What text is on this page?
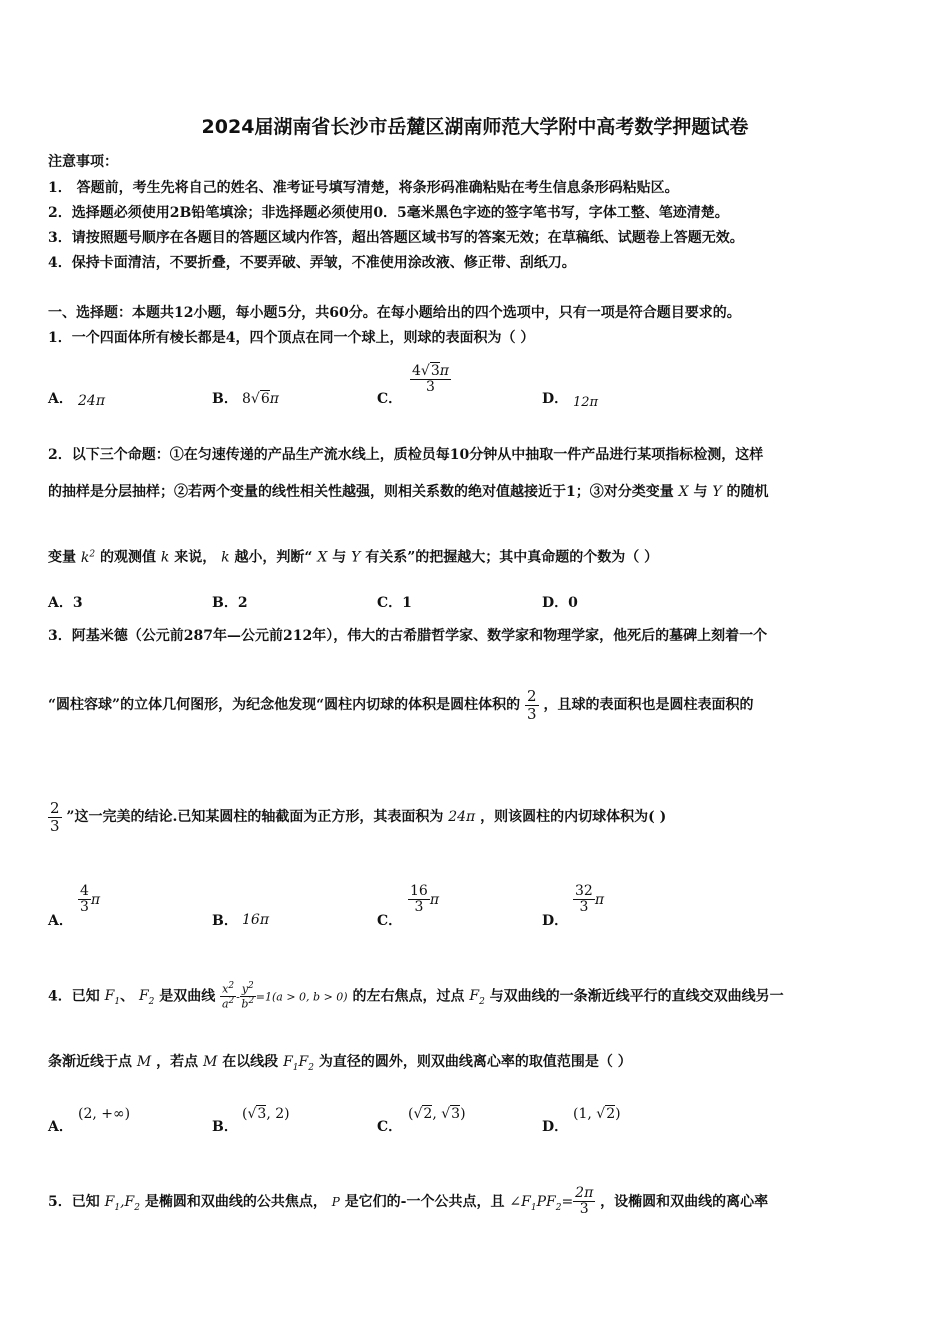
2024届湖南省长沙市岳麓区湖南师范大学附中高考数学押题试卷
注意事项：
1． 答题前，考生先将自己的姓名、准考证号填写清楚，将条形码准确粘贴在考生信息条形码粘贴区。
2．选择题必须使用2B铅笔填涂；非选择题必须使用0．5毫米黑色字迹的签字笔书写，字体工整、笔迹清楚。
3．请按照题号顺序在各题目的答题区域内作答，超出答题区域书写的答案无效；在草稿纸、试题卷上答题无效。
4．保持卡面清洁，不要折叠，不要弄破、弄皱，不准使用涂改液、修正带、刮纸刀。
一、选择题：本题共12小题，每小题5分，共60分。在每小题给出的四个选项中，只有一项是符合题目要求的。
1．一个四面体所有棱长都是4，四个顶点在同一个球上，则球的表面积为（ ）
A． 24π	B． 8√6π	C．
$\frac{4√3\pi}{3}$
D． 12π
2．以下三个命题：①在匀速传递的产品生产流水线上，质检员每10分钟从中抽取一件产品进行某项指标检测，这样
的抽样是分层抽样；②若两个变量的线性相关性越强，则相关系数的绝对值越接近于1；③对分类变量 X 与 Y 的随机
变量 $k^2$ 的观测值 k 来说， k 越小，判断“ X 与 Y 有关系”的把握越大；其中真命题的个数为（ ）
A．3	B．2	C．1	D．0
3．阿基米德（公元前287年—公元前212年），伟大的古希腊哲学家、数学家和物理学家，他死后的墓碑上刻着一个
“圆柱容球”的立体几何图形，为纪念他发现“圆柱内切球的体积是圆柱体积的 $\frac{2}{3}$ ，且球的表面积也是圆柱表面积的
$\frac{2}{3}$ ”这一完美的结论.已知某圆柱的轴截面为正方形，其表面积为 24π ，则该圆柱的内切球体积为( )
A．
$\frac{4}{3}$ π
B． 16π	C．
$\frac{16}{3}$ π
D．
$\frac{32}{3}$ π
4．已知 $F_1$、 $F_2$ 是双曲线 $\frac{x^2}{a^2} - \frac{y^2}{b^2} =1(a > 0$, b > 0) 的左右焦点，过点 $F_2$ 与双曲线的一条渐近线平行的直线交双曲线另一
条渐近线于点 M ，若点 M 在以线段 $F_1F_2$ 为直径的圆外，则双曲线离心率的取值范围是（ ）
A．
(2, +∞)
B．
(√3, 2)
C．
(√2, √3)
D．
(1, √2)
5．已知 $F_1,F_2$ 是椭圆和双曲线的公共焦点， P 是它们的-一个公共点，且 $\angle F_1PF_2= \frac{2\pi}{3}$ ，设椭圆和双曲线的离心率
